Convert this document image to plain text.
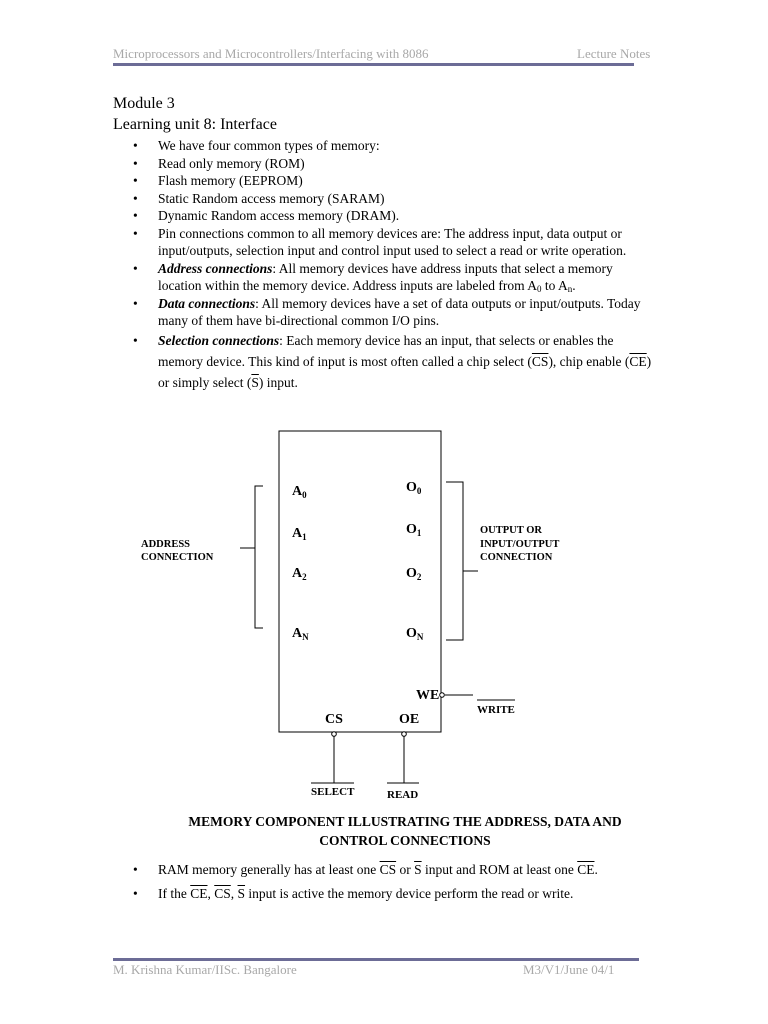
Microprocessors and Microcontrollers/Interfacing with 8086	Lecture Notes
Module 3
Learning unit 8: Interface
• We have four common types of memory:
• Read only memory (ROM)
• Flash memory (EEPROM)
• Static Random access memory (SARAM)
• Dynamic Random access memory (DRAM).
• Pin connections common to all memory devices are: The address input, data output or input/outputs, selection input and control input used to select a read or write operation.
• Address connections: All memory devices have address inputs that select a memory location within the memory device. Address inputs are labeled from $A_0$ to $A_n$.
• Data connections: All memory devices have a set of data outputs or input/outputs. Today many of them have bi-directional common I/O pins.
• Selection connections: Each memory device has an input, that selects or enables the memory device. This kind of input is most often called a chip select $(\overline{CS})$, chip enable $(\overline{CE})$ or simply select $(\overline{S})$ input.
ADDRESS
CONNECTION
OUTPUT OR
INPUT/OUTPUT
CONNECTION
$A_0$
$A_1$
$A_2$
$A_N$
$O_0$
$O_1$
$O_2$
$O_N$
WE
CS	OE
WRITE
SELECT	READ
MEMORY COMPONENT ILLUSTRATING THE ADDRESS, DATA AND
CONTROL CONNECTIONS
• RAM memory generally has at least one $\overline{CS}$ or $\overline{S}$ input and ROM at least one $\overline{CE}$.
• If the $\overline{CE}$, $\overline{CS}$, $\overline{S}$ input is active the memory device perform the read or write.
M. Krishna Kumar/IISc. Bangalore	M3/V1/June 04/1
